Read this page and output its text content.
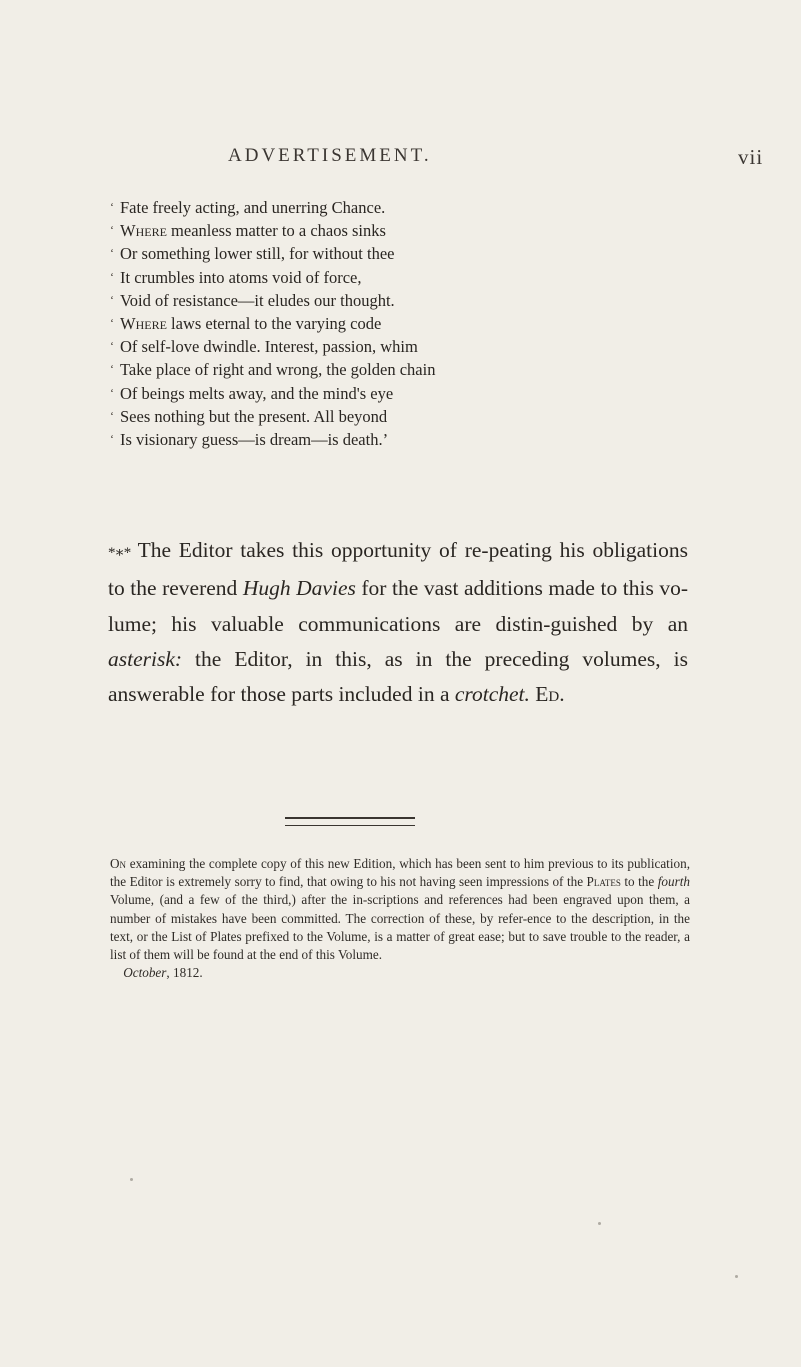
ADVERTISEMENT.	vii
‘ Fate freely acting, and unerring Chance.
‘ Where meanless matter to a chaos sinks
‘ Or something lower still, for without thee
‘ It crumbles into atoms void of force,
‘ Void of resistance—it eludes our thought.
‘ Where laws eternal to the varying code
‘ Of self-love dwindle. Interest, passion, whim
‘ Take place of right and wrong, the golden chain
‘ Of beings melts away, and the mind's eye
‘ Sees nothing but the present. All beyond
‘ Is visionary guess—is dream—is death.’
*∗* The Editor takes this opportunity of re-peating his obligations to the reverend Hugh Davies for the vast additions made to this vo-lume; his valuable communications are distin-guished by an asterisk: the Editor, in this, as in the preceding volumes, is answerable for those parts included in a crotchet. Ed.
On examining the complete copy of this new Edition, which has been sent to him previous to its publication, the Editor is extremely sorry to find, that owing to his not having seen impressions of the Plates to the fourth Volume, (and a few of the third,) after the in-scriptions and references had been engraved upon them, a number of mistakes have been committed. The correction of these, by refer-ence to the description, in the text, or the List of Plates prefixed to the Volume, is a matter of great ease; but to save trouble to the reader, a list of them will be found at the end of this Volume.
 October, 1812.
